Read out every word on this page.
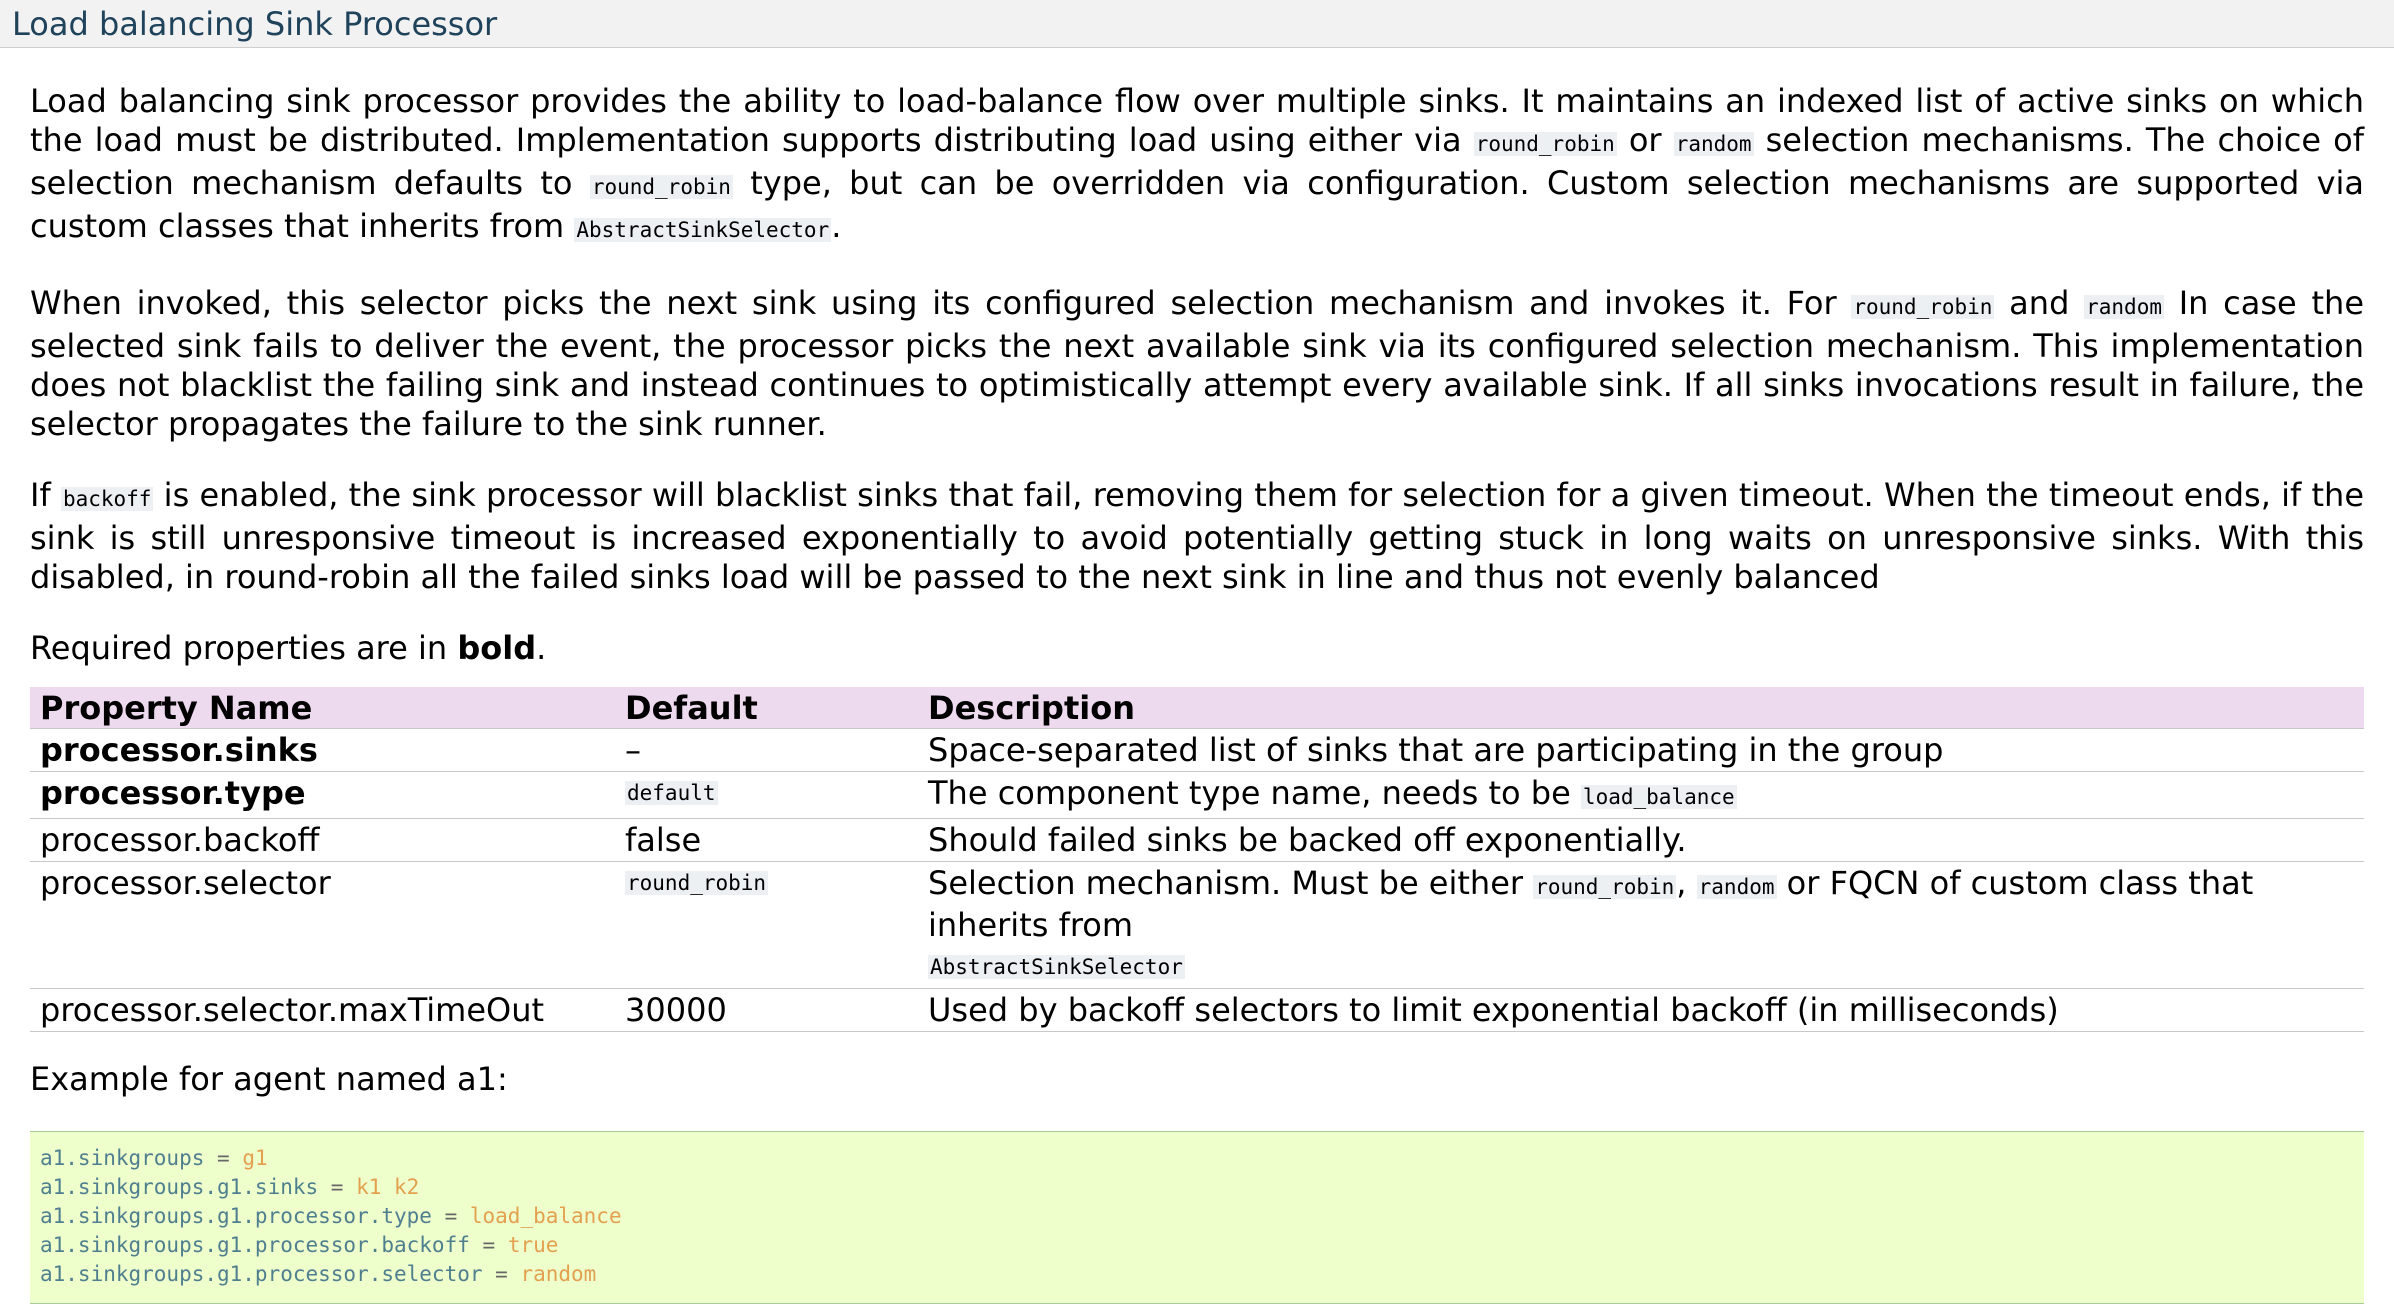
Load balancing Sink Processor

Load balancing sink processor provides the ability to load-balance flow over multiple sinks. It maintains an indexed list of active sinks on which the load must be distributed. Implementation supports distributing load using either via round_robin or random selection mechanisms. The choice of selection mechanism defaults to round_robin type, but can be overridden via configuration. Custom selection mechanisms are supported via custom classes that inherits from AbstractSinkSelector.

When invoked, this selector picks the next sink using its configured selection mechanism and invokes it. For round_robin and random In case the selected sink fails to deliver the event, the processor picks the next available sink via its configured selection mechanism. This implementation does not blacklist the failing sink and instead continues to optimistically attempt every available sink. If all sinks invocations result in failure, the selector propagates the failure to the sink runner.

If backoff is enabled, the sink processor will blacklist sinks that fail, removing them for selection for a given timeout. When the timeout ends, if the sink is still unresponsive timeout is increased exponentially to avoid potentially getting stuck in long waits on unresponsive sinks. With this disabled, in round-robin all the failed sinks load will be passed to the next sink in line and thus not evenly balanced

Required properties are in bold.

Property Name	Default	Description
processor.sinks	–	Space-separated list of sinks that are participating in the group
processor.type	default	The component type name, needs to be load_balance
processor.backoff	false	Should failed sinks be backed off exponentially.
processor.selector	round_robin	Selection mechanism. Must be either round_robin, random or FQCN of custom class that inherits from
AbstractSinkSelector
processor.selector.maxTimeOut	30000	Used by backoff selectors to limit exponential backoff (in milliseconds)

Example for agent named a1:

a1.sinkgroups = g1
a1.sinkgroups.g1.sinks = k1 k2
a1.sinkgroups.g1.processor.type = load_balance
a1.sinkgroups.g1.processor.backoff = true
a1.sinkgroups.g1.processor.selector = random
